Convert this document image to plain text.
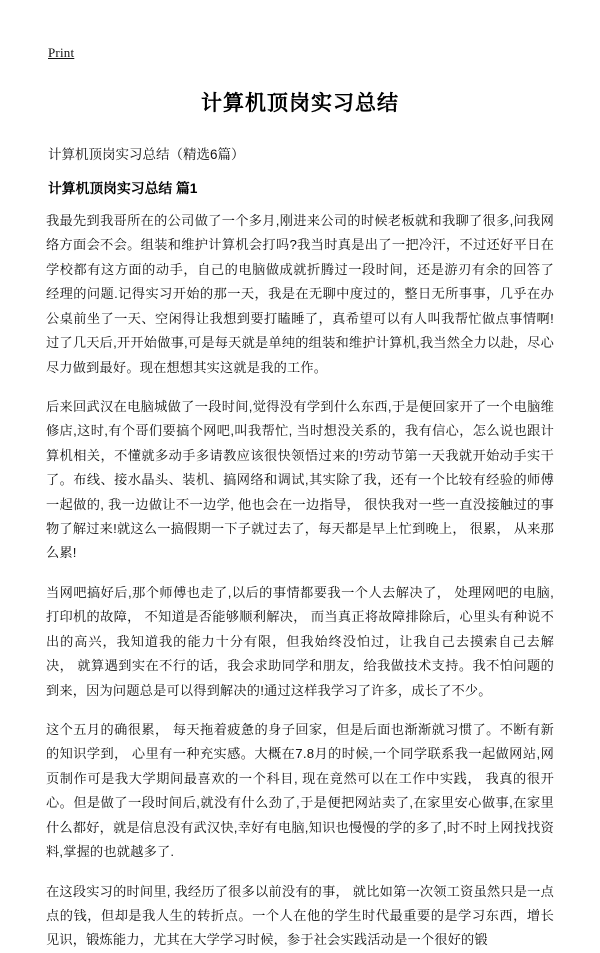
Print
计算机顶岗实习总结
计算机顶岗实习总结（精选6篇）
计算机顶岗实习总结 篇1

我最先到我哥所在的公司做了一个多月,刚进来公司的时候老板就和我聊了很多,问我网络方面会不会。组装和维护计算机会打吗?我当时真是出了一把冷汗，不过还好平日在学校都有这方面的动手，自己的电脑做成就折腾过一段时间，还是游刃有余的回答了经理的问题.记得实习开始的那一天，我是在无聊中度过的，整日无所事事，几乎在办公桌前坐了一天、空闲得让我想到要打瞌睡了，真希望可以有人叫我帮忙做点事情啊!过了几天后,开开始做事,可是每天就是单纯的组装和维护计算机,我当然全力以赴，尽心尽力做到最好。现在想想其实这就是我的工作。

后来回武汉在电脑城做了一段时间,觉得没有学到什么东西,于是便回家开了一个电脑维修店,这时,有个哥们要搞个网吧,叫我帮忙, 当时想没关系的，我有信心，怎么说也跟计算机相关，不懂就多动手多请教应该很快领悟过来的!劳动节第一天我就开始动手实干了。布线、接水晶头、装机、搞网络和调试,其实除了我，还有一个比较有经验的师傅一起做的, 我一边做让不一边学, 他也会在一边指导， 很快我对一些一直没接触过的事物了解过来!就这么一搞假期一下子就过去了，每天都是早上忙到晚上， 很累， 从来那么累!

当网吧搞好后,那个师傅也走了,以后的事情都要我一个人去解决了， 处理网吧的电脑, 打印机的故障， 不知道是否能够顺利解决， 而当真正将故障排除后，心里头有种说不出的高兴，我知道我的能力十分有限，但我始终没怕过，让我自己去摸索自己去解决， 就算遇到实在不行的话，我会求助同学和朋友，给我做技术支持。我不怕问题的到来，因为问题总是可以得到解决的!通过这样我学习了许多，成长了不少。

这个五月的确很累， 每天拖着疲惫的身子回家，但是后面也渐渐就习惯了。不断有新的知识学到， 心里有一种充实感。大概在7.8月的时候,一个同学联系我一起做网站,网页制作可是我大学期间最喜欢的一个科目, 现在竟然可以在工作中实践， 我真的很开心。但是做了一段时间后,就没有什么劲了,于是便把网站卖了,在家里安心做事,在家里什么都好，就是信息没有武汉快,幸好有电脑,知识也慢慢的学的多了,时不时上网找找资料,掌握的也就越多了.

在这段实习的时间里, 我经历了很多以前没有的事， 就比如第一次领工资虽然只是一点点的钱，但却是我人生的转折点。一个人在他的学生时代最重要的是学习东西，增长见识，锻炼能力，尤其在大学学习时候，参于社会实践活动是一个很好的锻
